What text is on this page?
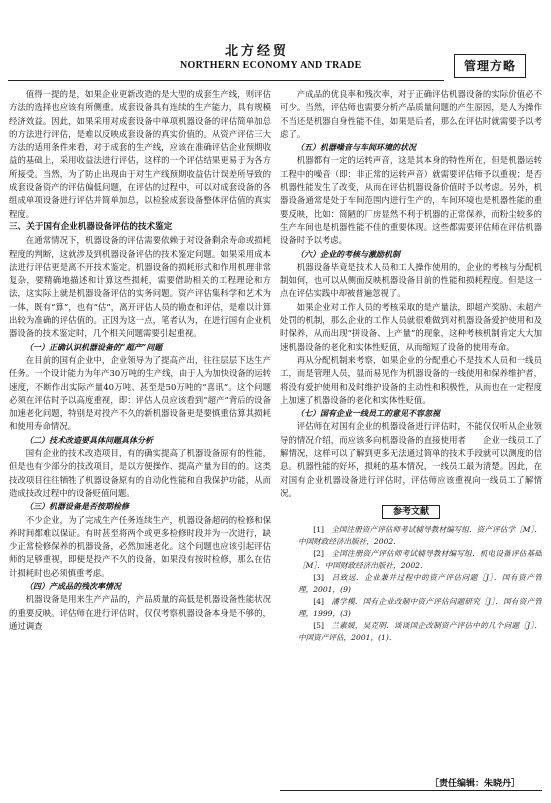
北方经贸
NORTHERN ECONOMY AND TRADE	管理方略

值得一提的是，如果企业更新改造的是大型的成套生产线，则评估方法的选择也应该有所侧重。成套设备具有连续的生产能力，具有规模经济效益。因此，如果采用对成套设备中单项机器设备的评估简单加总的方法进行评估，是难以反映成套设备的真实价值的。从资产评估三大方法的适用条件来看，对于成套的生产线，应该在准确评估企业预期收益的基础上，采用收益法进行评估，这样的一个评估结果更易于为各方所接受。当然，为了防止出现由于对生产线预期收益估计误差所导致的成套设备资产的评估偏低问题，在评估的过程中，可以对成套设备的各组成单项设备进行评估并简单加总，以检验成套设备整体评估值的真实程度。

三、关于国有企业机器设备评估的技术鉴定

在通常情况下，机器设备的评估需要依赖于对设备剩余寿命或损耗程度的判断，这就涉及到机器设备评估的技术鉴定问题。如果采用成本法进行评估更是离不开技术鉴定。机器设备的损耗形式和作用机理非常复杂，要精确地描述和计算这些损耗，需要借助相关的工程理论和方法，这实际上就是机器设备评估的实务问题。资产评估集科学和艺术为一体，既有“算”，也有“估”，离开评估人员的勘查和评估，是难以计算出较为准确的评估值的。正因为这一点，笔者认为，在进行国有企业机器设备的技术鉴定时，几个相关问题需要引起重视。

（一）正确认识机器设备的“超产”问题

在目前的国有企业中，企业领导为了提高产出，往往层层下达生产任务。一个设计能力为年产30万吨的生产线，由于人为加快设备的运转速度，不断作出实际产量40万吨、甚至是50万吨的“喜讯”。这个问题必须在评估时予以高度重视，即：评估人员应该看到“超产”背后的设备加速老化问题，特别是对投产不久的新机器设备更是要慎重估算其损耗和使用寿命情况。

（二）技术改造要具体问题具体分析

国有企业的技术改造项目，有的确实提高了机器设备原有的性能，但是也有少部分的技改项目，是以方便操作、提高产量为目的的。这类技改项目往往牺牲了机器设备原有的自动化性能和自我保护功能，从而造成技改过程中的设备贬值问题。

（三）机器设备是否按期检修

不少企业，为了完成生产任务连续生产，机器设备超码的检修和保养时间都难以保证。有时甚至将两个或更多检修时段并为一次进行，缺少正常检修保养的机器设备，必然加速老化。这个问题也应该引起评估师的足够重视，即便是投产不久的设备，如果没有按时检修，那么在估计损耗时也必须慎重考虑。

（四）产成品的残次率情况

机器设备是用来生产产品的，产品质量的高低是机器设备性能状况的重要反映。评估师在进行评估时，仅仅考察机器设备本身是不够的，通过调查

产成品的优良率和残次率，对于正确评估机器设备的实际价值必不可少。当然，评估师也需要分析产品质量问题的产生原因，是人为操作不当还是机器自身性能不佳，如果是后者，那么在评估时就需要予以考虑了。

（五）机器噪音与车间环境的状况

机器都有一定的运转声音，这是其本身的特性所在，但是机器运转工程中的噪音（即：非正常的运转声音）就需要评估师予以重视；是否机器性能发生了改变，从而在评估机器设备价值时予以考虑。另外，机器设备通常是处于车间范围内进行生产的，车间环境也是机器性能的重要反映，比如：简陋的厂房显然不利于机器的正常保养，而粉尘较多的生产车间也是机器性能不佳的重要体现。这些都需要评估师在评估机器设备时予以考虑。

（六）企业的考核与激励机制

机器设备毕竟是技术人员和工人操作使用的，企业的考核与分配机制如何，也可以从侧面反映机器设备目前的性能和损耗程度。但是这一点在评估实践中却被普遍忽视了。

如果企业对工作人员的考核采取的是产量法，即超产奖励、未超产处罚的机制，那么企业的工作人员就很难做到对机器设备爱护使用和及时保养，从而出现“拼设备、上产量”的现象，这种考核机制肯定大大加速机器设备的老化和实体性贬值，从而缩短了设备的使用寿命。

再从分配机制来考察，如果企业的分配重心不是技术人员和一线员工，而是管理人员，显而易见作为机器设备的一线使用和保养维护者，将没有爱护使用和及时维护设备的主动性和积极性，从而也在一定程度上加速了机器设备的老化和实体性贬值。

（七）国有企业一线员工的意见不容忽视

评估师在对国有企业的机器设备进行评估时，不能仅仅听从企业领导的情况介绍，而应该多向机器设备的直接使用者　　企业一线员工了解情况，这样可以了解到更多无法通过简单的技术手段就可以测度的信息。机器性能的好坏，损耗的基本情况，一线员工最为清楚。因此，在对国有企业机器设备进行评估时，评估师应该重视向一线员工了解情况。

参考文献

[1] 全国注册资产评估师考试辅导教材编写组．资产评估学［M］．中国财政经济出版社，2002．

[2] 全国注册资产评估师考试辅导教材编写组．机电设备评估基础［M］．中国财政经济出版社，2002．

[3] 吕致远．企业兼并过程中的资产评估问题［J］．国有资产管理，2001，(9)

[4] 潘学模．国有企业改制中资产评估问题研究［J］．国有资产管理，1999，(3)

[5] 兰素媛，吴克明．谈谈国企改制资产评估中的几个问题［J］．中国资产评估，2001，(1)．

［责任编辑：朱晓丹］
